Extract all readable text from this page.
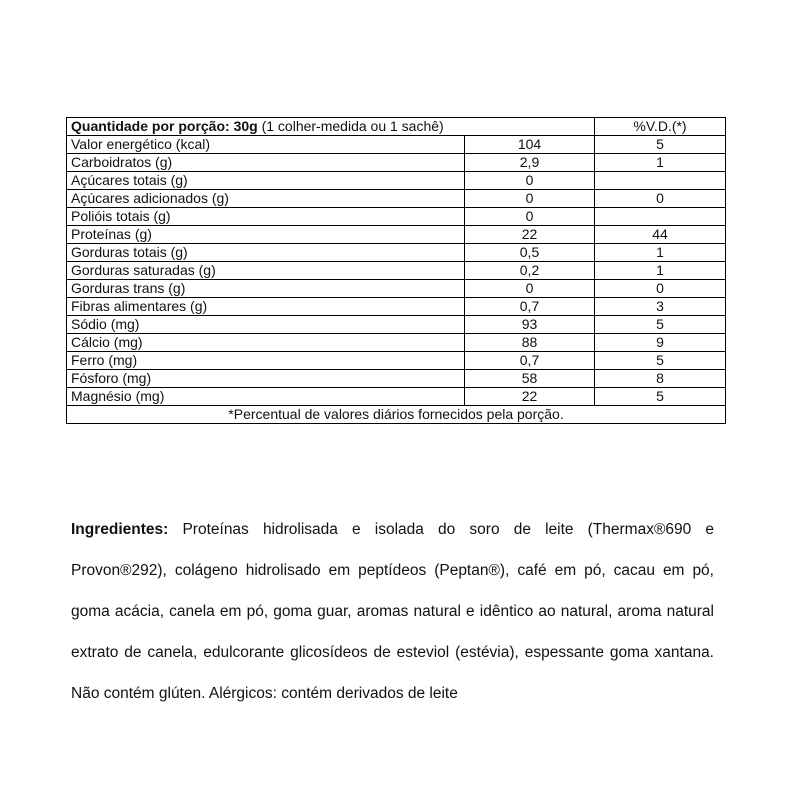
Quantidade por porção: 30g (1 colher-medida ou 1 sachê)		%V.D.(*)
Valor energético (kcal)	104	5
Carboidratos (g)	2,9	1
Açúcares totais (g)	0	
Açúcares adicionados (g)	0	0
Polióis totais (g)	0	
Proteínas (g)	22	44
Gorduras totais (g)	0,5	1
Gorduras saturadas (g)	0,2	1
Gorduras trans (g)	0	0
Fibras alimentares (g)	0,7	3
Sódio (mg)	93	5
Cálcio (mg)	88	9
Ferro (mg)	0,7	5
Fósforo (mg)	58	8
Magnésio (mg)	22	5
*Percentual de valores diários fornecidos pela porção.		

Ingredientes: Proteínas hidrolisada e isolada do soro de leite (Thermax®690 e Provon®292), colágeno hidrolisado em peptídeos (Peptan®), café em pó, cacau em pó, goma acácia, canela em pó, goma guar, aromas natural e idêntico ao natural, aroma natural extrato de canela, edulcorante glicosídeos de esteviol (estévia), espessante goma xantana. Não contém glúten. Alérgicos: contém derivados de leite
